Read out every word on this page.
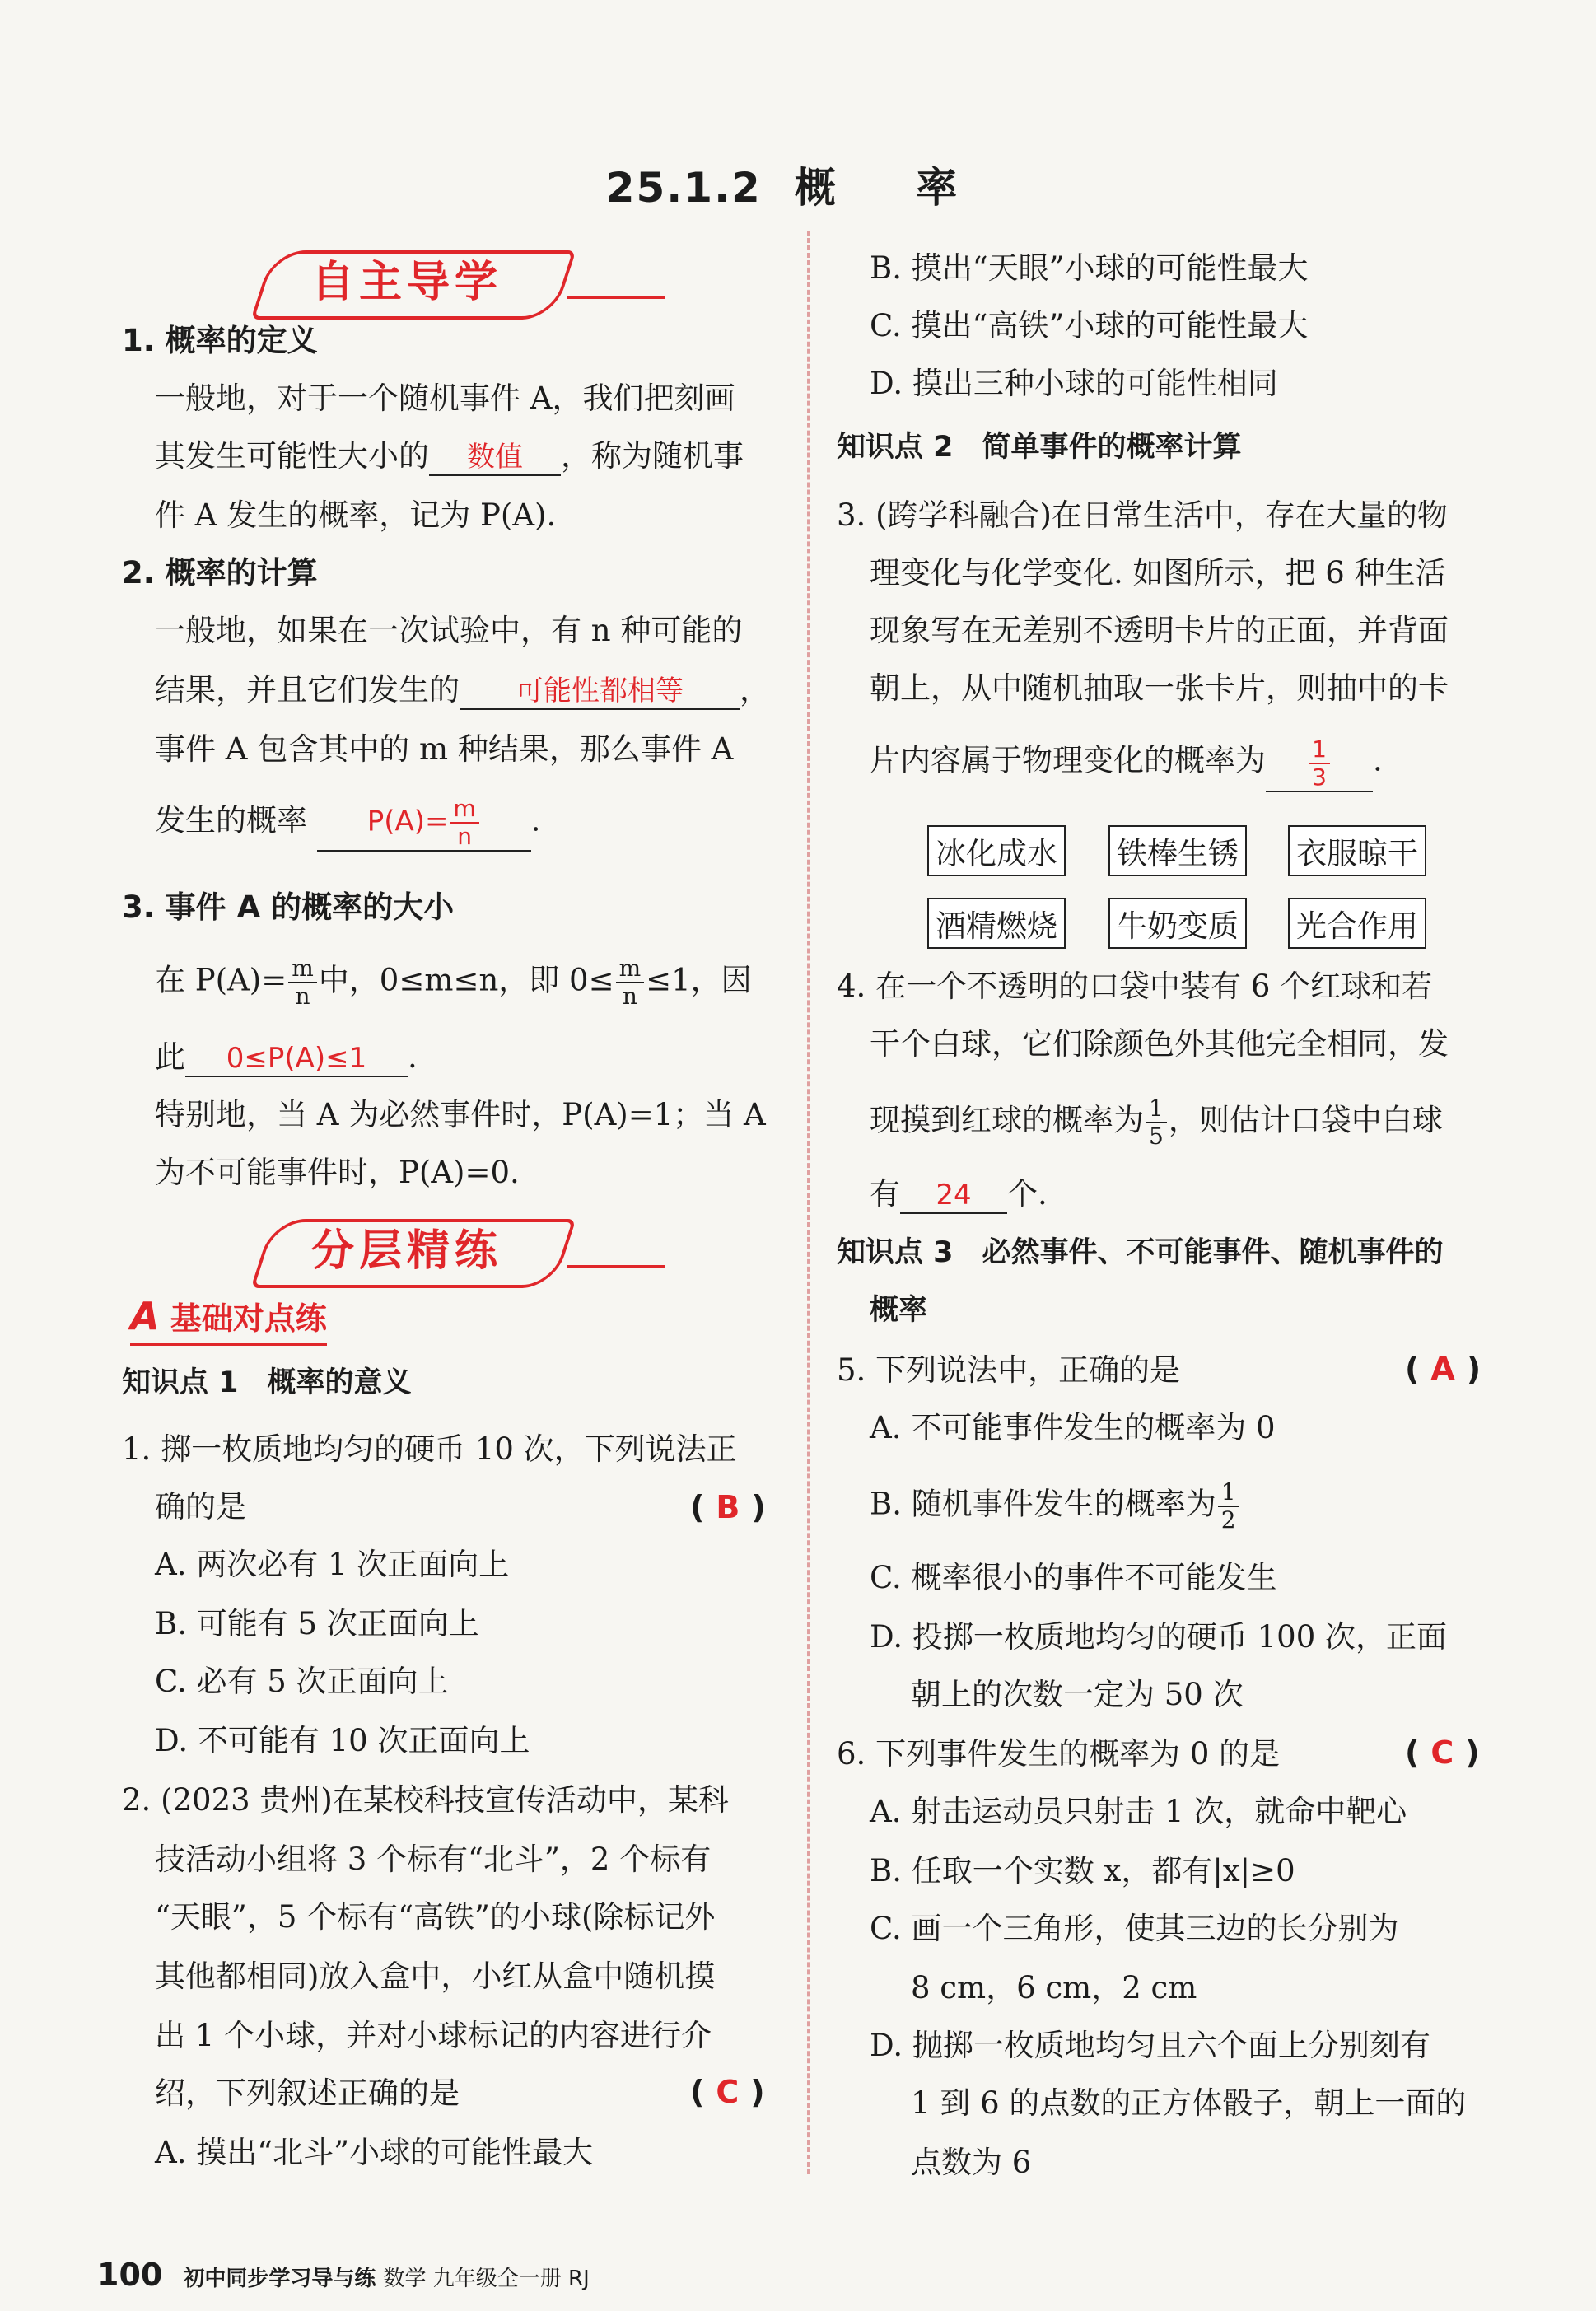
25.1.2 概 率
自主导学
1. 概率的定义
一般地，对于一个随机事件 A，我们把刻画
其发生可能性大小的 数值 ，称为随机事
件 A 发生的概率，记为 P(A).
2. 概率的计算
一般地，如果在一次试验中，有 n 种可能的
结果，并且它们发生的 可能性都相等 ，
事件 A 包含其中的 m 种结果，那么事件 A
发生的概率 $P(A)= \frac{m}{n}$ .
3. 事件 A 的概率的大小
在 $P(A)= \frac{m}{n}$ 中，0≤m≤n，即 $0\le \frac{m}{n} \le 1$，因
此 0≤P(A)≤1 .
特别地，当 A 为必然事件时，P(A)=1；当 A
为不可能事件时，P(A)=0.
分层精练
A 基础对点练
知识点 1　概率的意义
1. 掷一枚质地均匀的硬币 10 次，下列说法正
确的是	( B )
A. 两次必有 1 次正面向上
B. 可能有 5 次正面向上
C. 必有 5 次正面向上
D. 不可能有 10 次正面向上
2. (2023 贵州)在某校科技宣传活动中，某科
技活动小组将 3 个标有“北斗”，2 个标有
“天眼”，5 个标有“高铁”的小球(除标记外
其他都相同)放入盒中，小红从盒中随机摸
出 1 个小球，并对小球标记的内容进行介
绍，下列叙述正确的是	( C )
A. 摸出“北斗”小球的可能性最大
B. 摸出“天眼”小球的可能性最大
C. 摸出“高铁”小球的可能性最大
D. 摸出三种小球的可能性相同
知识点 2　简单事件的概率计算
3. (跨学科融合)在日常生活中，存在大量的物
理变化与化学变化. 如图所示，把 6 种生活
现象写在无差别不透明卡片的正面，并背面
朝上，从中随机抽取一张卡片，则抽中的卡
片内容属于物理变化的概率为 $\frac{1}{3}$ .
冰化成水 铁棒生锈 衣服晾干
酒精燃烧 牛奶变质 光合作用
4. 在一个不透明的口袋中装有 6 个红球和若
干个白球，它们除颜色外其他完全相同，发
现摸到红球的概率为 $\frac{1}{5}$ ，则估计口袋中白球
有 24 个.
知识点 3　必然事件、不可能事件、随机事件的
概率
5. 下列说法中，正确的是	( A )
A. 不可能事件发生的概率为 0
B. 随机事件发生的概率为 $\frac{1}{2}$
C. 概率很小的事件不可能发生
D. 投掷一枚质地均匀的硬币 100 次，正面
朝上的次数一定为 50 次
6. 下列事件发生的概率为 0 的是	( C )
A. 射击运动员只射击 1 次，就命中靶心
B. 任取一个实数 x，都有|x|≥0
C. 画一个三角形，使其三边的长分别为
8 cm，6 cm，2 cm
D. 抛掷一枚质地均匀且六个面上分别刻有
1 到 6 的点数的正方体骰子，朝上一面的
点数为 6
100 初中同步学习导与练 数学 九年级全一册 RJ
